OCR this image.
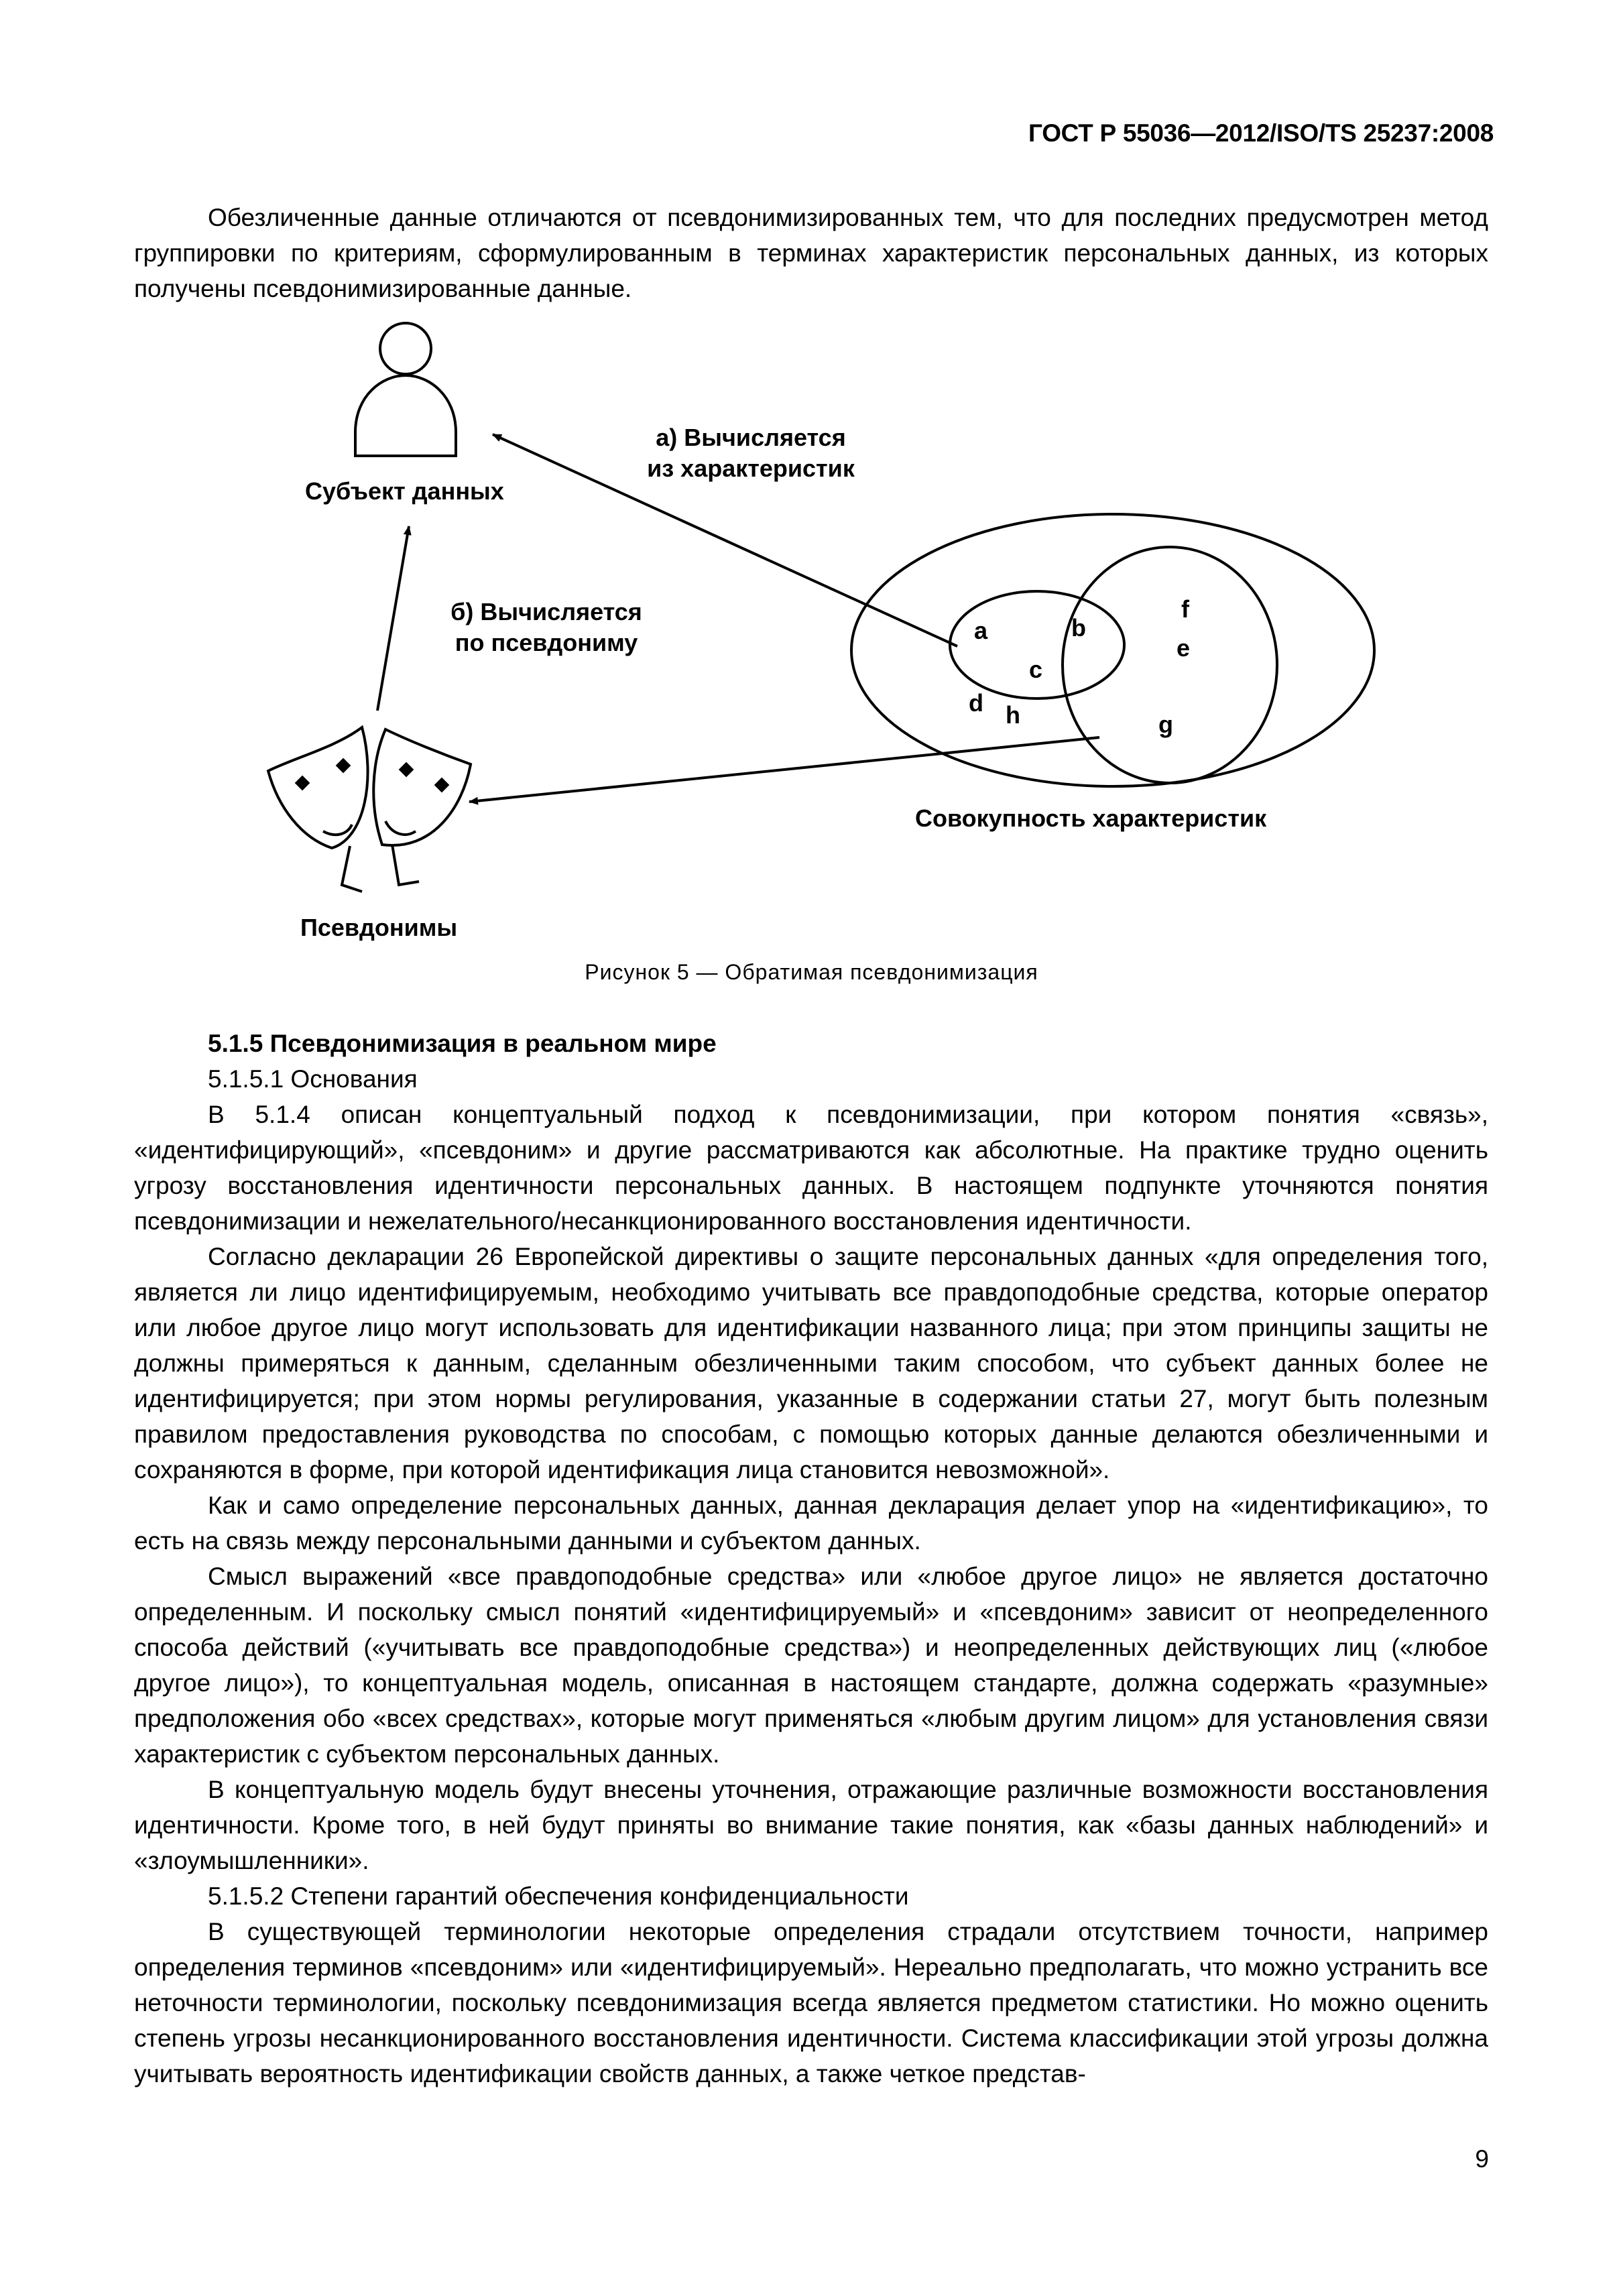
ГОСТ Р 55036—2012/ISO/TS 25237:2008

Обезличенные данные отличаются от псевдонимизированных тем, что для последних предусмотрен метод группировки по критериям, сформулированным в терминах характеристик персональных данных, из которых получены псевдонимизированные данные.

Субъект данных
а) Вычисляется
из характеристик
б) Вычисляется
по псевдониму	a	b
c
d
e
f
g
h
Совокупность характеристик
Псевдонимы
Рисунок 5 — Обратимая псевдонимизация

5.1.5 Псевдонимизация в реальном мире

5.1.5.1 Основания

В 5.1.4 описан концептуальный подход к псевдонимизации, при котором понятия «связь», «идентифицирующий», «псевдоним» и другие рассматриваются как абсолютные. На практике трудно оценить угрозу восстановления идентичности персональных данных. В настоящем подпункте уточняются понятия псевдонимизации и нежелательного/несанкционированного восстановления идентичности.

Согласно декларации 26 Европейской директивы о защите персональных данных «для определения того, является ли лицо идентифицируемым, необходимо учитывать все правдоподобные средства, которые оператор или любое другое лицо могут использовать для идентификации названного лица; при этом принципы защиты не должны примеряться к данным, сделанным обезличенными таким способом, что субъект данных более не идентифицируется; при этом нормы регулирования, указанные в содержании статьи 27, могут быть полезным правилом предоставления руководства по способам, с помощью которых данные делаются обезличенными и сохраняются в форме, при которой идентификация лица становится невозможной».

Как и само определение персональных данных, данная декларация делает упор на «идентификацию», то есть на связь между персональными данными и субъектом данных.

Смысл выражений «все правдоподобные средства» или «любое другое лицо» не является достаточно определенным. И поскольку смысл понятий «идентифицируемый» и «псевдоним» зависит от неопределенного способа действий («учитывать все правдоподобные средства») и неопределенных действующих лиц («любое другое лицо»), то концептуальная модель, описанная в настоящем стандарте, должна содержать «разумные» предположения обо «всех средствах», которые могут применяться «любым другим лицом» для установления связи характеристик с субъектом персональных данных.

В концептуальную модель будут внесены уточнения, отражающие различные возможности восстановления идентичности. Кроме того, в ней будут приняты во внимание такие понятия, как «базы данных наблюдений» и «злоумышленники».

5.1.5.2 Степени гарантий обеспечения конфиденциальности

В существующей терминологии некоторые определения страдали отсутствием точности, например определения терминов «псевдоним» или «идентифицируемый». Нереально предполагать, что можно устранить все неточности терминологии, поскольку псевдонимизация всегда является предметом статистики. Но можно оценить степень угрозы несанкционированного восстановления идентичности. Система классификации этой угрозы должна учитывать вероятность идентификации свойств данных, а также четкое представ-

9
